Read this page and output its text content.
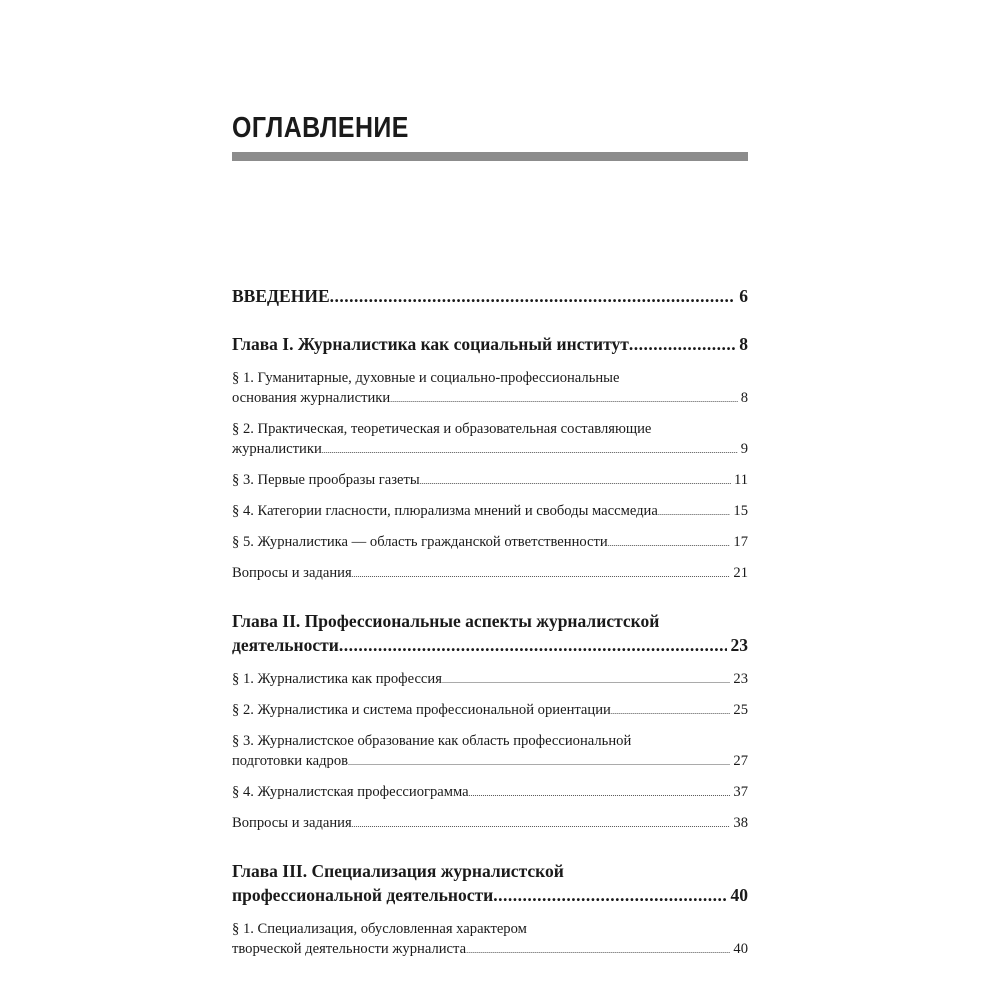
ОГЛАВЛЕНИЕ
ВВЕДЕНИЕ .....	6
Глава I. Журналистика как социальный институт .....	8
§ 1. Гуманитарные, духовные и социально-профессиональные
основания журналистики .....	8
§ 2. Практическая, теоретическая и образовательная составляющие
журналистики .....	9
§ 3. Первые прообразы газеты .....	11
§ 4. Категории гласности, плюрализма мнений и свободы массмедиа .....	15
§ 5. Журналистика — область гражданской ответственности .....	17
Вопросы и задания .....	21
Глава II. Профессиональные аспекты журналистской
деятельности .....	23
§ 1. Журналистика как профессия .....	23
§ 2. Журналистика и система профессиональной ориентации .....	25
§ 3. Журналистское образование как область профессиональной
подготовки кадров .....	27
§ 4. Журналистская профессиограмма .....	37
Вопросы и задания .....	38
Глава III. Специализация журналистской
профессиональной деятельности .....	40
§ 1. Специализация, обусловленная характером
творческой деятельности журналиста .....	40
